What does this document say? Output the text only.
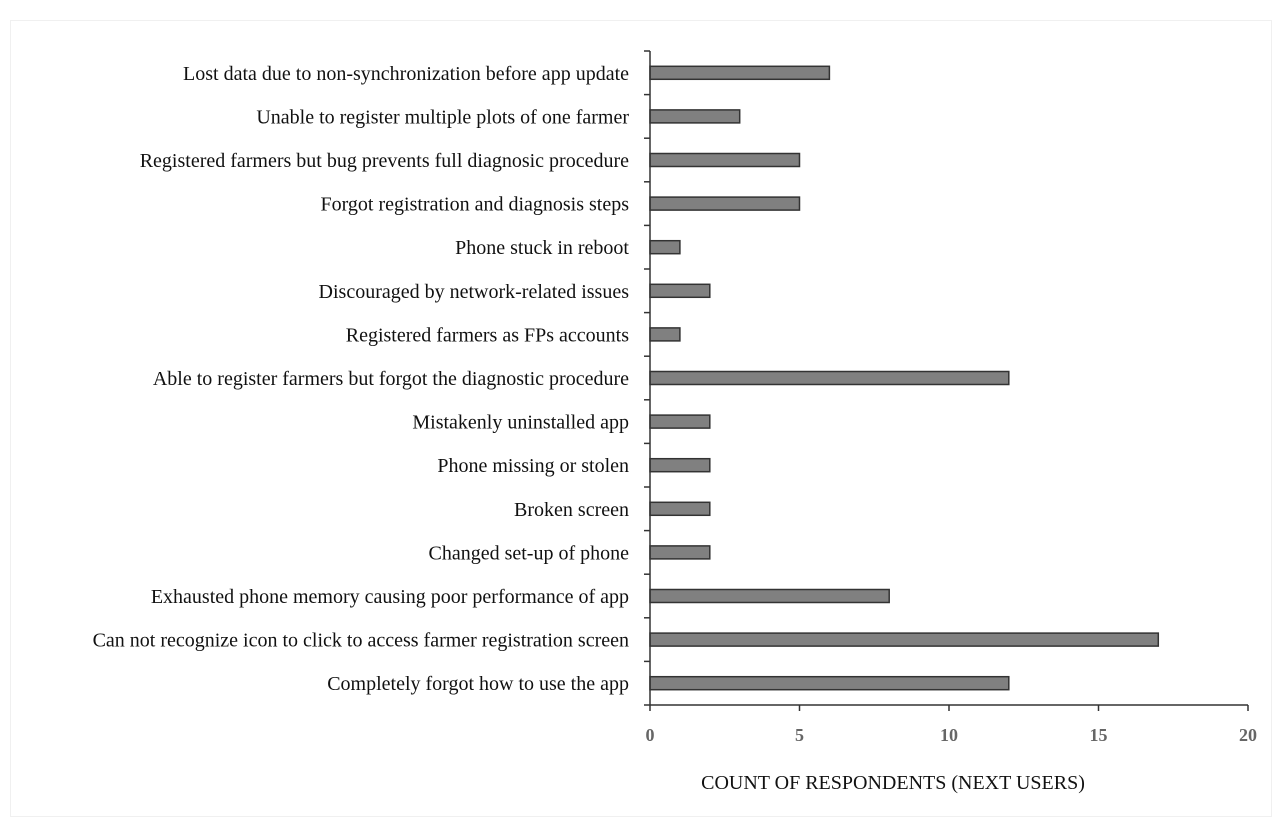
Lost data due to non-synchronization before app update
Unable to register multiple plots of one farmer
Registered farmers but bug prevents full diagnosic procedure
Forgot registration and diagnosis steps
Phone stuck in reboot
Discouraged by network-related issues
Registered farmers as FPs accounts
Able to register farmers but forgot the diagnostic procedure
Mistakenly uninstalled app
Phone missing or stolen
Broken screen
Changed set-up of phone
Exhausted phone memory causing poor performance of app
Can not recognize icon to click to access farmer registration screen
Completely forgot how to use the app
0	5	10	15	20
COUNT OF RESPONDENTS (NEXT USERS)
